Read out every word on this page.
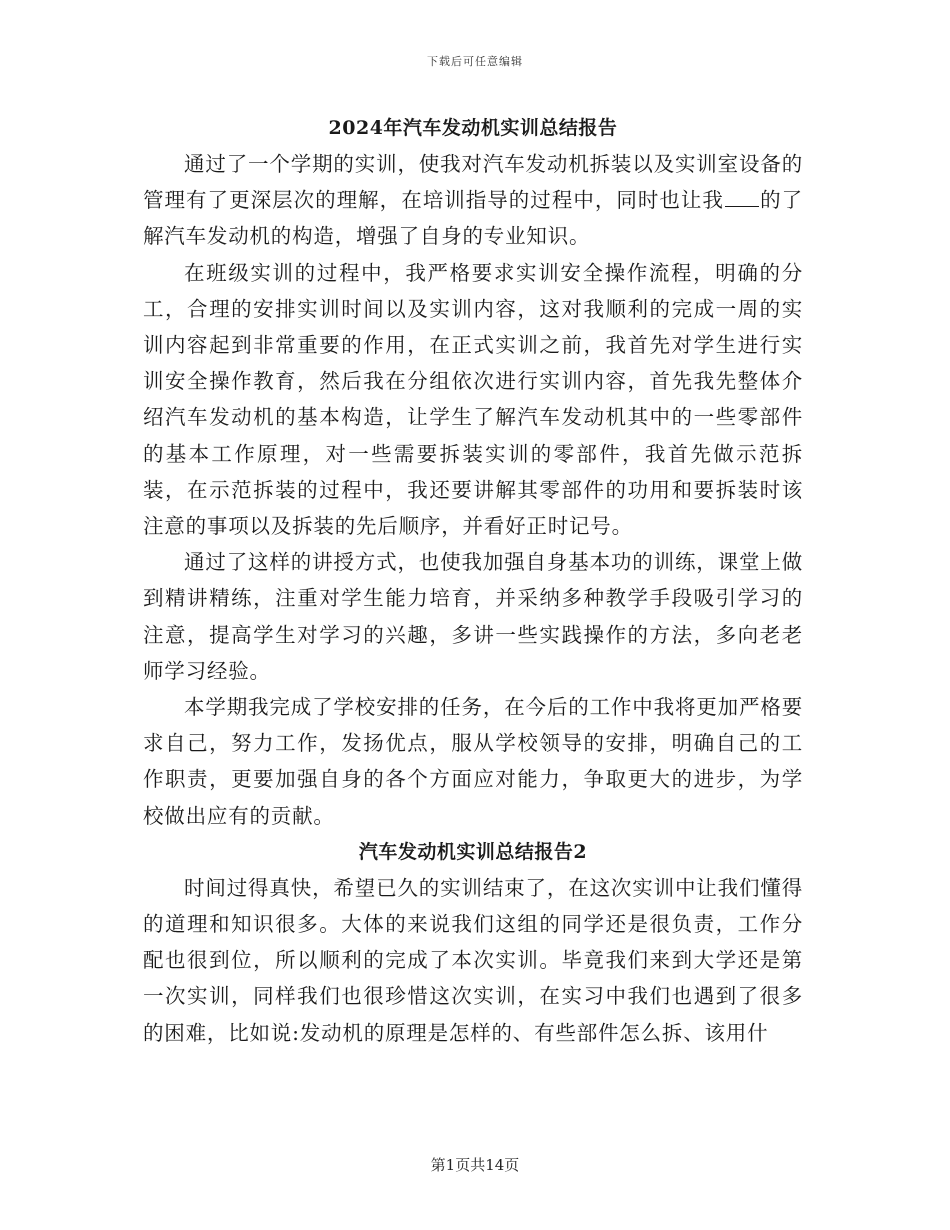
下载后可任意编辑

2024年汽车发动机实训总结报告

通过了一个学期的实训，使我对汽车发动机拆装以及实训室设备的管理有了更深层次的理解，在培训指导的过程中，同时也让我 的了解汽车发动机的构造，增强了自身的专业知识。

在班级实训的过程中，我严格要求实训安全操作流程，明确的分工，合理的安排实训时间以及实训内容，这对我顺利的完成一周的实训内容起到非常重要的作用，在正式实训之前，我首先对学生进行实训安全操作教育，然后我在分组依次进行实训内容，首先我先整体介绍汽车发动机的基本构造，让学生了解汽车发动机其中的一些零部件的基本工作原理，对一些需要拆装实训的零部件，我首先做示范拆装，在示范拆装的过程中，我还要讲解其零部件的功用和要拆装时该注意的事项以及拆装的先后顺序，并看好正时记号。

通过了这样的讲授方式，也使我加强自身基本功的训练，课堂上做到精讲精练，注重对学生能力培育，并采纳多种教学手段吸引学习的注意，提高学生对学习的兴趣，多讲一些实践操作的方法，多向老老师学习经验。

本学期我完成了学校安排的任务，在今后的工作中我将更加严格要求自己，努力工作，发扬优点，服从学校领导的安排，明确自己的工作职责，更要加强自身的各个方面应对能力，争取更大的进步，为学校做出应有的贡献。

汽车发动机实训总结报告2

时间过得真快，希望已久的实训结束了，在这次实训中让我们懂得的道理和知识很多。大体的来说我们这组的同学还是很负责，工作分配也很到位，所以顺利的完成了本次实训。毕竟我们来到大学还是第一次实训，同样我们也很珍惜这次实训，在实习中我们也遇到了很多的困难，比如说:发动机的原理是怎样的、有些部件怎么拆、该用什

第1页共14页
